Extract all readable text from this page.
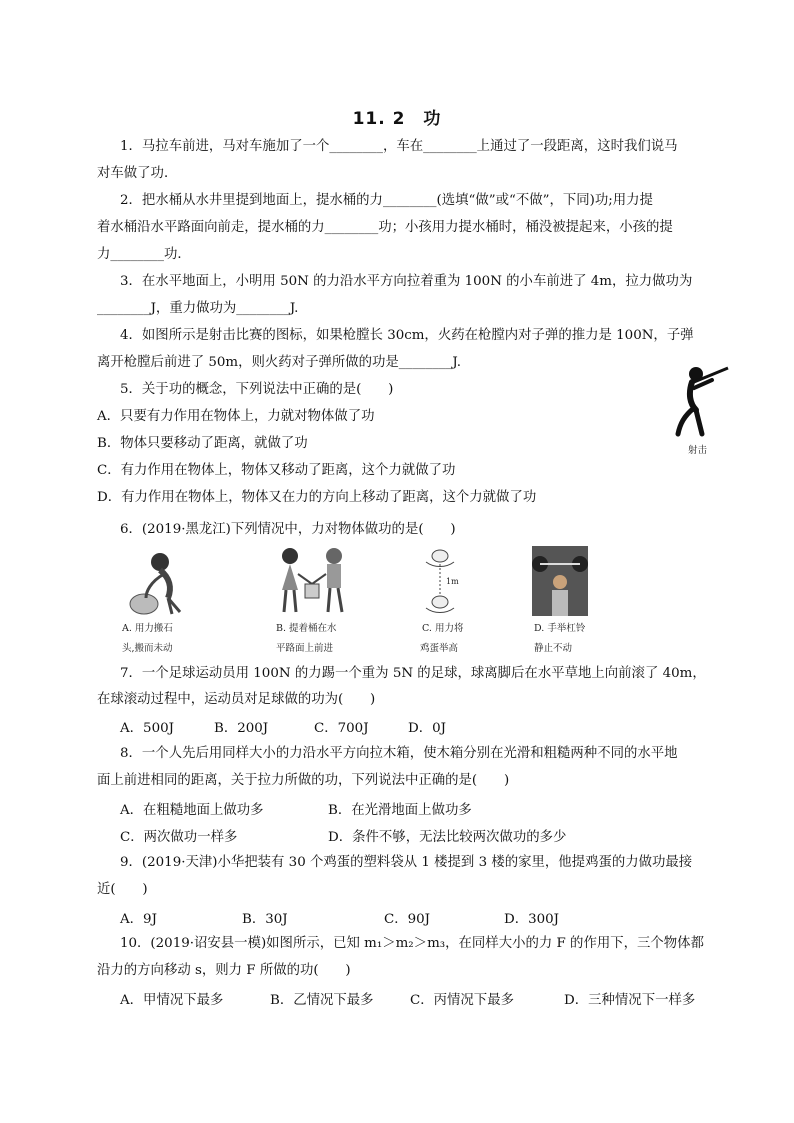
11. 2　功
1．马拉车前进，马对车施加了一个________，车在________上通过了一段距离，这时我们说马
对车做了功．
2．把水桶从水井里提到地面上，提水桶的力________(选填“做”或“不做”，下同)功;用力提
着水桶沿水平路面向前走，提水桶的力________功；小孩用力提水桶时，桶没被提起来，小孩的提
力________功．
3．在水平地面上，小明用 50N 的力沿水平方向拉着重为 100N 的小车前进了 4m，拉力做功为
________J，重力做功为________J.
4．如图所示是射击比赛的图标，如果枪膛长 30cm，火药在枪膛内对子弹的推力是 100N，子弹
离开枪膛后前进了 50m，则火药对子弹所做的功是________J.
5．关于功的概念，下列说法中正确的是(　　)
A．只要有力作用在物体上，力就对物体做了功
B．物体只要移动了距离，就做了功
C．有力作用在物体上，物体又移动了距离，这个力就做了功
D．有力作用在物体上，物体又在力的方向上移动了距离，这个力就做了功
射击
6．(2019·黑龙江)下列情况中，力对物体做功的是(　　)
A. 用力搬石
头,搬而未动
B. 提着桶在水
平路面上前进
1m
C. 用力将
鸡蛋举高
D. 手举杠铃
静止不动
7．一个足球运动员用 100N 的力踢一个重为 5N 的足球，球离脚后在水平草地上向前滚了 40m，
在球滚动过程中，运动员对足球做的功为(　　)
A．500J	B．200J	C．700J	D．0J
8．一个人先后用同样大小的力沿水平方向拉木箱，使木箱分别在光滑和粗糙两种不同的水平地
面上前进相同的距离，关于拉力所做的功，下列说法中正确的是(　　)
A．在粗糙地面上做功多	B．在光滑地面上做功多
C．两次做功一样多	D．条件不够，无法比较两次做功的多少
9．(2019·天津)小华把装有 30 个鸡蛋的塑料袋从 1 楼提到 3 楼的家里，他提鸡蛋的力做功最接
近(　　)
A．9J	B．30J	C．90J	D．300J
10．(2019·诏安县一模)如图所示，已知 m₁＞m₂＞m₃，在同样大小的力 F 的作用下，三个物体都
沿力的方向移动 s，则力 F 所做的功(　　)
A．甲情况下最多	B．乙情况下最多	C．丙情况下最多	D．三种情况下一样多
